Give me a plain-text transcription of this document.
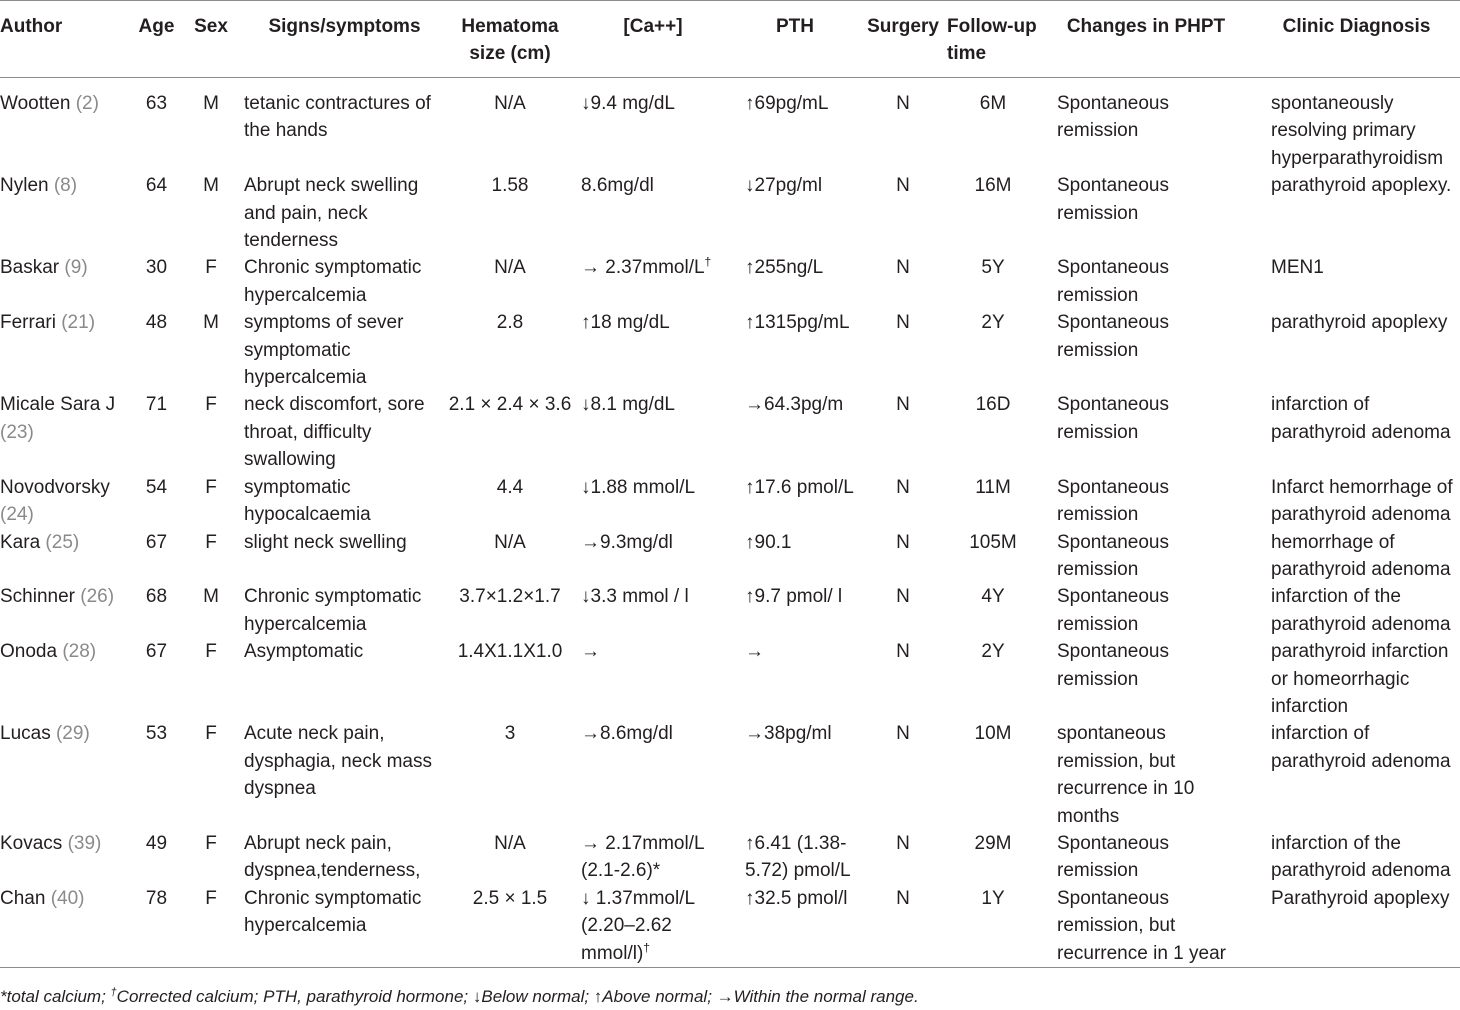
Author	Age	Sex	Signs/symptoms	Hematoma size (cm)	[Ca++]	PTH	Surgery	Follow-up time	Changes in PHPT	Clinic Diagnosis
Wootten (2)	63	M	tetanic contractures of the hands	N/A	↓9.4 mg/dL	↑69pg/mL	N	6M	Spontaneous remission	spontaneously resolving primary hyperparathyroidism
Nylen (8)	64	M	Abrupt neck swelling and pain, neck tenderness	1.58	8.6mg/dl	↓27pg/ml	N	16M	Spontaneous remission	parathyroid apoplexy.
Baskar (9)	30	F	Chronic symptomatic hypercalcemia	N/A	→ 2.37mmol/L†	↑255ng/L	N	5Y	Spontaneous remission	MEN1
Ferrari (21)	48	M	symptoms of sever symptomatic hypercalcemia	2.8	↑18 mg/dL	↑1315pg/mL	N	2Y	Spontaneous remission	parathyroid apoplexy
Micale Sara J (23)	71	F	neck discomfort, sore throat, difficulty swallowing	2.1 × 2.4 × 3.6	↓8.1 mg/dL	→64.3pg/m	N	16D	Spontaneous remission	infarction of parathyroid adenoma
Novodvorsky (24)	54	F	symptomatic hypocalcaemia	4.4	↓1.88 mmol/L	↑17.6 pmol/L	N	11M	Spontaneous remission	Infarct hemorrhage of parathyroid adenoma
Kara (25)	67	F	slight neck swelling	N/A	→9.3mg/dl	↑90.1	N	105M	Spontaneous remission	hemorrhage of parathyroid adenoma
Schinner (26)	68	M	Chronic symptomatic hypercalcemia	3.7×1.2×1.7	↓3.3 mmol / l	↑9.7 pmol/ l	N	4Y	Spontaneous remission	infarction of the parathyroid adenoma
Onoda (28)	67	F	Asymptomatic	1.4X1.1X1.0	→	→	N	2Y	Spontaneous remission	parathyroid infarction or homeorrhagic infarction
Lucas (29)	53	F	Acute neck pain, dysphagia, neck mass dyspnea	3	→8.6mg/dl	→38pg/ml	N	10M	spontaneous remission, but recurrence in 10 months	infarction of parathyroid adenoma
Kovacs (39)	49	F	Abrupt neck pain, dyspnea,tenderness,	N/A	→ 2.17mmol/L (2.1-2.6)*	↑6.41 (1.38-5.72) pmol/L	N	29M	Spontaneous remission	infarction of the parathyroid adenoma
Chan (40)	78	F	Chronic symptomatic hypercalcemia	2.5 × 1.5	↓ 1.37mmol/L (2.20–2.62 mmol/l)†	↑32.5 pmol/l	N	1Y	Spontaneous remission, but recurrence in 1 year	Parathyroid apoplexy
*total calcium; †Corrected calcium; PTH, parathyroid hormone; ↓Below normal; ↑Above normal; →Within the normal range.
